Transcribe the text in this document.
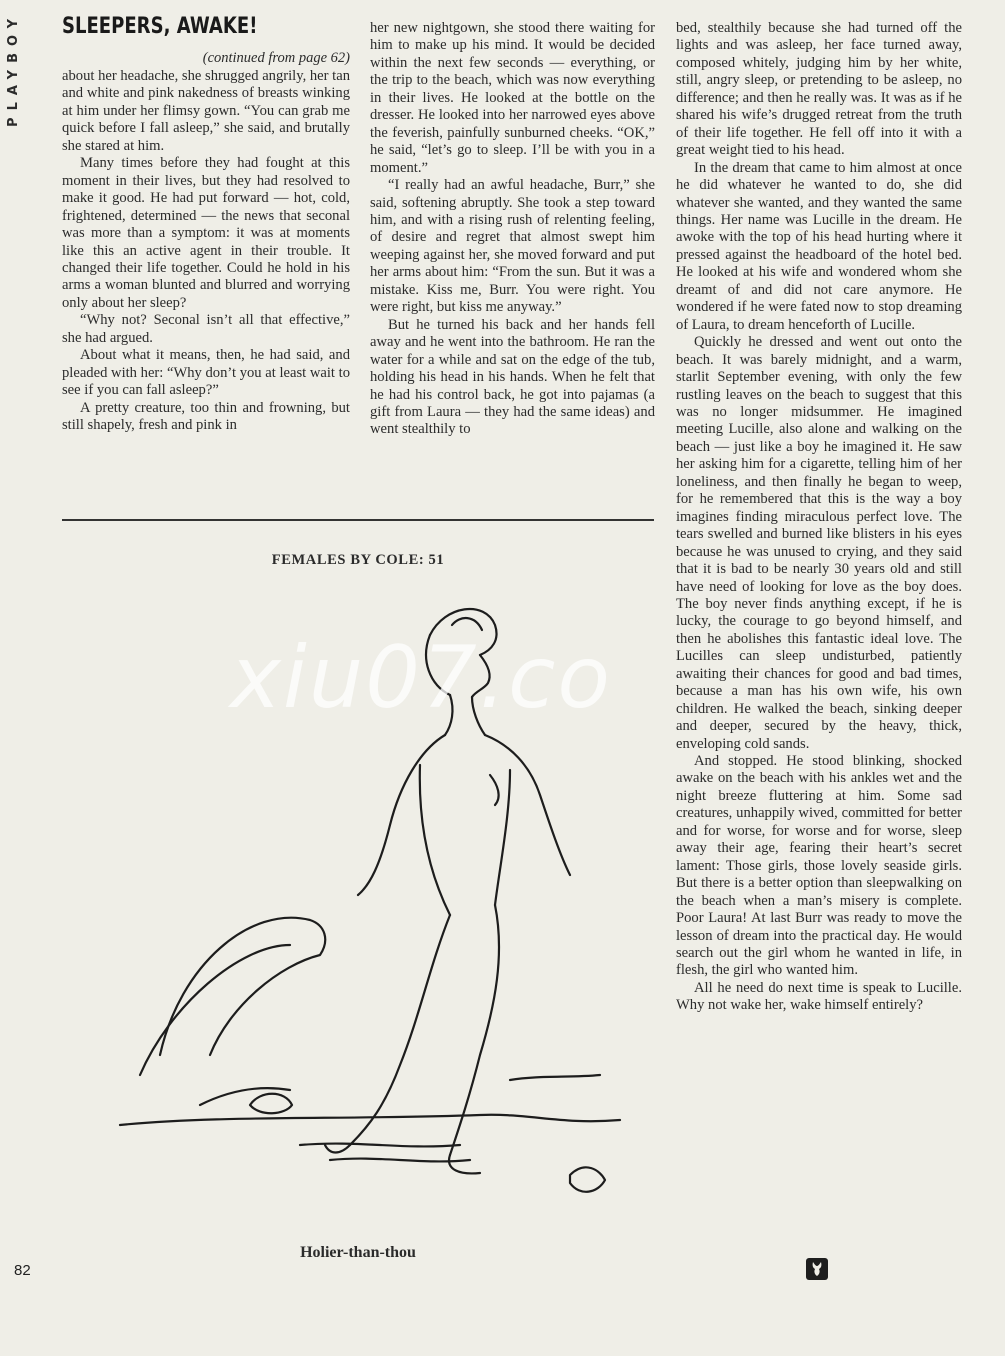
PLAYBOY	SLEEPERS, AWAKE!
(continued from page 62)

about her headache, she shrugged angrily, her tan and white and pink nakedness of breasts winking at him under her flimsy gown. “You can grab me quick before I fall asleep,” she said, and brutally she stared at him.

Many times before they had fought at this moment in their lives, but they had resolved to make it good. He had put forward — hot, cold, frightened, determined — the news that seconal was more than a symptom: it was at moments like this an active agent in their trouble. It changed their life together. Could he hold in his arms a woman blunted and blurred and worrying only about her sleep?

“Why not? Seconal isn’t all that effective,” she had argued.

About what it means, then, he had said, and pleaded with her: “Why don’t you at least wait to see if you can fall asleep?”

A pretty creature, too thin and frowning, but still shapely, fresh and pink in

her new nightgown, she stood there waiting for him to make up his mind. It would be decided within the next few seconds — everything, or the trip to the beach, which was now everything in their lives. He looked at the bottle on the dresser. He looked into her narrowed eyes above the feverish, painfully sunburned cheeks. “OK,” he said, “let’s go to sleep. I’ll be with you in a moment.”

“I really had an awful headache, Burr,” she said, softening abruptly. She took a step toward him, and with a rising rush of relenting feeling, of desire and regret that almost swept him weeping against her, she moved forward and put her arms about him: “From the sun. But it was a mistake. Kiss me, Burr. You were right. You were right, but kiss me anyway.”

But he turned his back and her hands fell away and he went into the bathroom. He ran the water for a while and sat on the edge of the tub, holding his head in his hands. When he felt that he had his control back, he got into pajamas (a gift from Laura — they had the same ideas) and went stealthily to

bed, stealthily because she had turned off the lights and was asleep, her face turned away, composed whitely, judging him by her white, still, angry sleep, or pretending to be asleep, no difference; and then he really was. It was as if he shared his wife’s drugged retreat from the truth of their life together. He fell off into it with a great weight tied to his head.

In the dream that came to him almost at once he did whatever he wanted to do, she did whatever she wanted, and they wanted the same things. Her name was Lucille in the dream. He awoke with the top of his head hurting where it pressed against the headboard of the hotel bed. He looked at his wife and wondered whom she dreamt of and did not care anymore. He wondered if he were fated now to stop dreaming of Laura, to dream henceforth of Lucille.

Quickly he dressed and went out onto the beach. It was barely midnight, and a warm, starlit September evening, with only the few rustling leaves on the beach to suggest that this was no longer midsummer. He imagined meeting Lucille, also alone and walking on the beach — just like a boy he imagined it. He saw her asking him for a cigarette, telling him of her loneliness, and then finally he began to weep, for he remembered that this is the way a boy imagines finding miraculous perfect love. The tears swelled and burned like blisters in his eyes because he was unused to crying, and they said that it is bad to be nearly 30 years old and still have need of looking for love as the boy does. The boy never finds anything except, if he is lucky, the courage to go beyond himself, and then he abolishes this fantastic ideal love. The Lucilles can sleep undisturbed, patiently awaiting their chances for good and bad times, because a man has his own wife, his own children. He walked the beach, sinking deeper and deeper, secured by the heavy, thick, enveloping cold sands.

And stopped. He stood blinking, shocked awake on the beach with his ankles wet and the night breeze fluttering at him. Some sad creatures, unhappily wived, committed for better and for worse, for worse and for worse, sleep away their age, fearing their heart’s secret lament: Those girls, those lovely seaside girls. But there is a better option than sleepwalking on the beach when a man’s misery is complete. Poor Laura! At last Burr was ready to move the lesson of dream into the practical day. He would search out the girl whom he wanted in life, in flesh, the girl who wanted him.

All he need do next time is speak to Lucille. Why not wake her, wake himself entirely?

FEMALES BY COLE: 51
Holier-than-thou
xiu07.co
82
